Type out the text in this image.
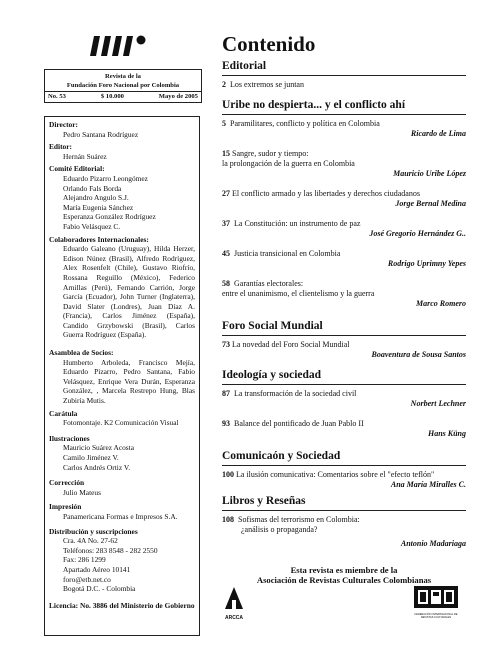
Revista de la
Fundación Foro Nacional por Colombia
No. 53	$ 10.000	Mayo de 2005
Director:
Pedro Santana Rodríguez
Editor:
Hernán Suárez
Comité Editorial:
Eduardo Pizarro Leongómez
Orlando Fals Borda
Alejandro Angulo S.J.
María Eugenia Sánchez
Esperanza González Rodríguez
Fabio Velásquez C.
Colaboradores Internacionales:
Eduardo Galeano (Uruguay), Hilda Herzer, Edison Núnez (Brasil), Alfredo Rodríguez, Alex Rosenfelt (Chile), Gustavo Riofrío, Rossana Reguillo (México), Federico Arnillas (Perú), Fernando Carrión, Jorge García (Ecuador), John Turner (Inglaterra), David Slater (Londres), Juan Díaz A. (Francia), Carlos Jiménez (España), Candido Grzybowski (Brasil), Carlos Guerra Rodríguez (España).
Asamblea de Socios:
Humberto Arboleda, Francisco Mejía, Eduardo Pizarro, Pedro Santana, Fabio Velásquez, Enrique Vera Durán, Esperanza González, , Marcela Restrepo Hung, Blas Zubiría Mutis.
Carátula
Fotomontaje. K2 Comunicación Visual
Ilustraciones
Mauricio Suárez Acosta
Camilo Jiménez V.
Carlos Andrés Ortiz V.
Corrección
Julio Mateus
Impresión
Panamericana Formas e Impresos S.A.
Distribución y suscripciones
Cra. 4A No. 27-62
Teléfonos: 283 8548 - 282 2550
Fax: 286 1299
Apartado Aéreo 10141
foro@etb.net.co
Bogotá D.C. - Colombia
Licencia: No. 3886 del Ministerio de Gobierno
Contenido
Editorial
2 Los extremos se juntan
Uribe no despierta... y el conflicto ahí
5 Paramilitares, conflicto y política en Colombia
Ricardo de Lima
15 Sangre, sudor y tiempo:
la prolongación de la guerra en Colombia
Mauricio Uribe López
27 El conflicto armado y las libertades y derechos ciudadanos
Jorge Bernal Medina
37 La Constitución: un instrumento de paz
José Gregorio Hernández G..
45 Justicia transicional en Colombia
Rodrigo Uprimny Yepes
58 Garantías electorales:
entre el unanimismo, el clientelismo y la guerra
Marco Romero
Foro Social Mundial
73 La novedad del Foro Social Mundial
Boaventura de Sousa Santos
Ideología y sociedad
87 La transformación de la sociedad civil
Norbert Lechner
93 Balance del pontificado de Juan Pablo II
Hans Küng
Comunicaón y Sociedad
100 La ilusión comunicativa: Comentarios sobre el "efecto teflón"
Ana María Miralles C.
Libros y Reseñas
108 Sofismas del terrorismo en Colombia:
¿análisis o propaganda?
Antonio Madariaga
Esta revista es miembre de la
Asociación de Revistas Culturales Colombianas
ARCCA
FEDERACIÓN INTERNACIONAL DE REVISTAS CULTURALES
